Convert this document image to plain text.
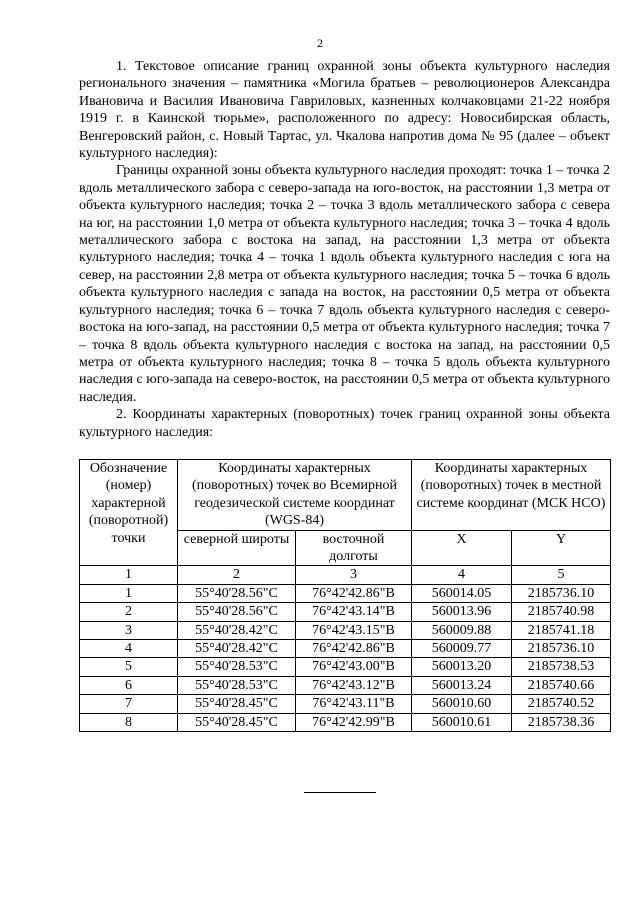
2

1. Текстовое описание границ охранной зоны объекта культурного наследия регионального значения – памятника «Могила братьев – революционеров Александра Ивановича и Василия Ивановича Гавриловых, казненных колчаковцами 21-22 ноября 1919 г. в Каинской тюрьме», расположенного по адресу: Новосибирская область, Венгеровский район, с. Новый Тартас, ул. Чкалова напротив дома № 95 (далее – объект культурного наследия):

Границы охранной зоны объекта культурного наследия проходят: точка 1 – точка 2 вдоль металлического забора с северо-запада на юго-восток, на расстоянии 1,3 метра от объекта культурного наследия; точка 2 – точка 3 вдоль металлического забора с севера на юг, на расстоянии 1,0 метра от объекта культурного наследия; точка 3 – точка 4 вдоль металлического забора с востока на запад, на расстоянии 1,3 метра от объекта культурного наследия; точка 4 – точка 1 вдоль объекта культурного наследия с юга на север, на расстоянии 2,8 метра от объекта культурного наследия; точка 5 – точка 6 вдоль объекта культурного наследия с запада на восток, на расстоянии 0,5 метра от объекта культурного наследия; точка 6 – точка 7 вдоль объекта культурного наследия с северо-востока на юго-запад, на расстоянии 0,5 метра от объекта культурного наследия; точка 7 – точка 8 вдоль объекта культурного наследия с востока на запад, на расстоянии 0,5 метра от объекта культурного наследия; точка 8 – точка 5 вдоль объекта культурного наследия с юго-запада на северо-восток, на расстоянии 0,5 метра от объекта культурного наследия.

2. Координаты характерных (поворотных) точек границ охранной зоны объекта культурного наследия:

Обозначение (номер) характерной (поворотной) точки	Координаты характерных (поворотных) точек во Всемирной геодезической системе координат (WGS-84)		Координаты характерных (поворотных) точек в местной системе координат (МСК НСО)	
	северной широты	восточной долготы	X	Y
1	2	3	4	5
1	55°40'28.56"С	76°42'42.86"В	560014.05	2185736.10
2	55°40'28.56"С	76°42'43.14"В	560013.96	2185740.98
3	55°40'28.42"С	76°42'43.15"В	560009.88	2185741.18
4	55°40'28.42"С	76°42'42.86"В	560009.77	2185736.10
5	55°40'28.53"С	76°42'43.00"В	560013.20	2185738.53
6	55°40'28.53"С	76°42'43.12"В	560013.24	2185740.66
7	55°40'28.45"С	76°42'43.11"В	560010.60	2185740.52
8	55°40'28.45"С	76°42'42.99"В	560010.61	2185738.36
